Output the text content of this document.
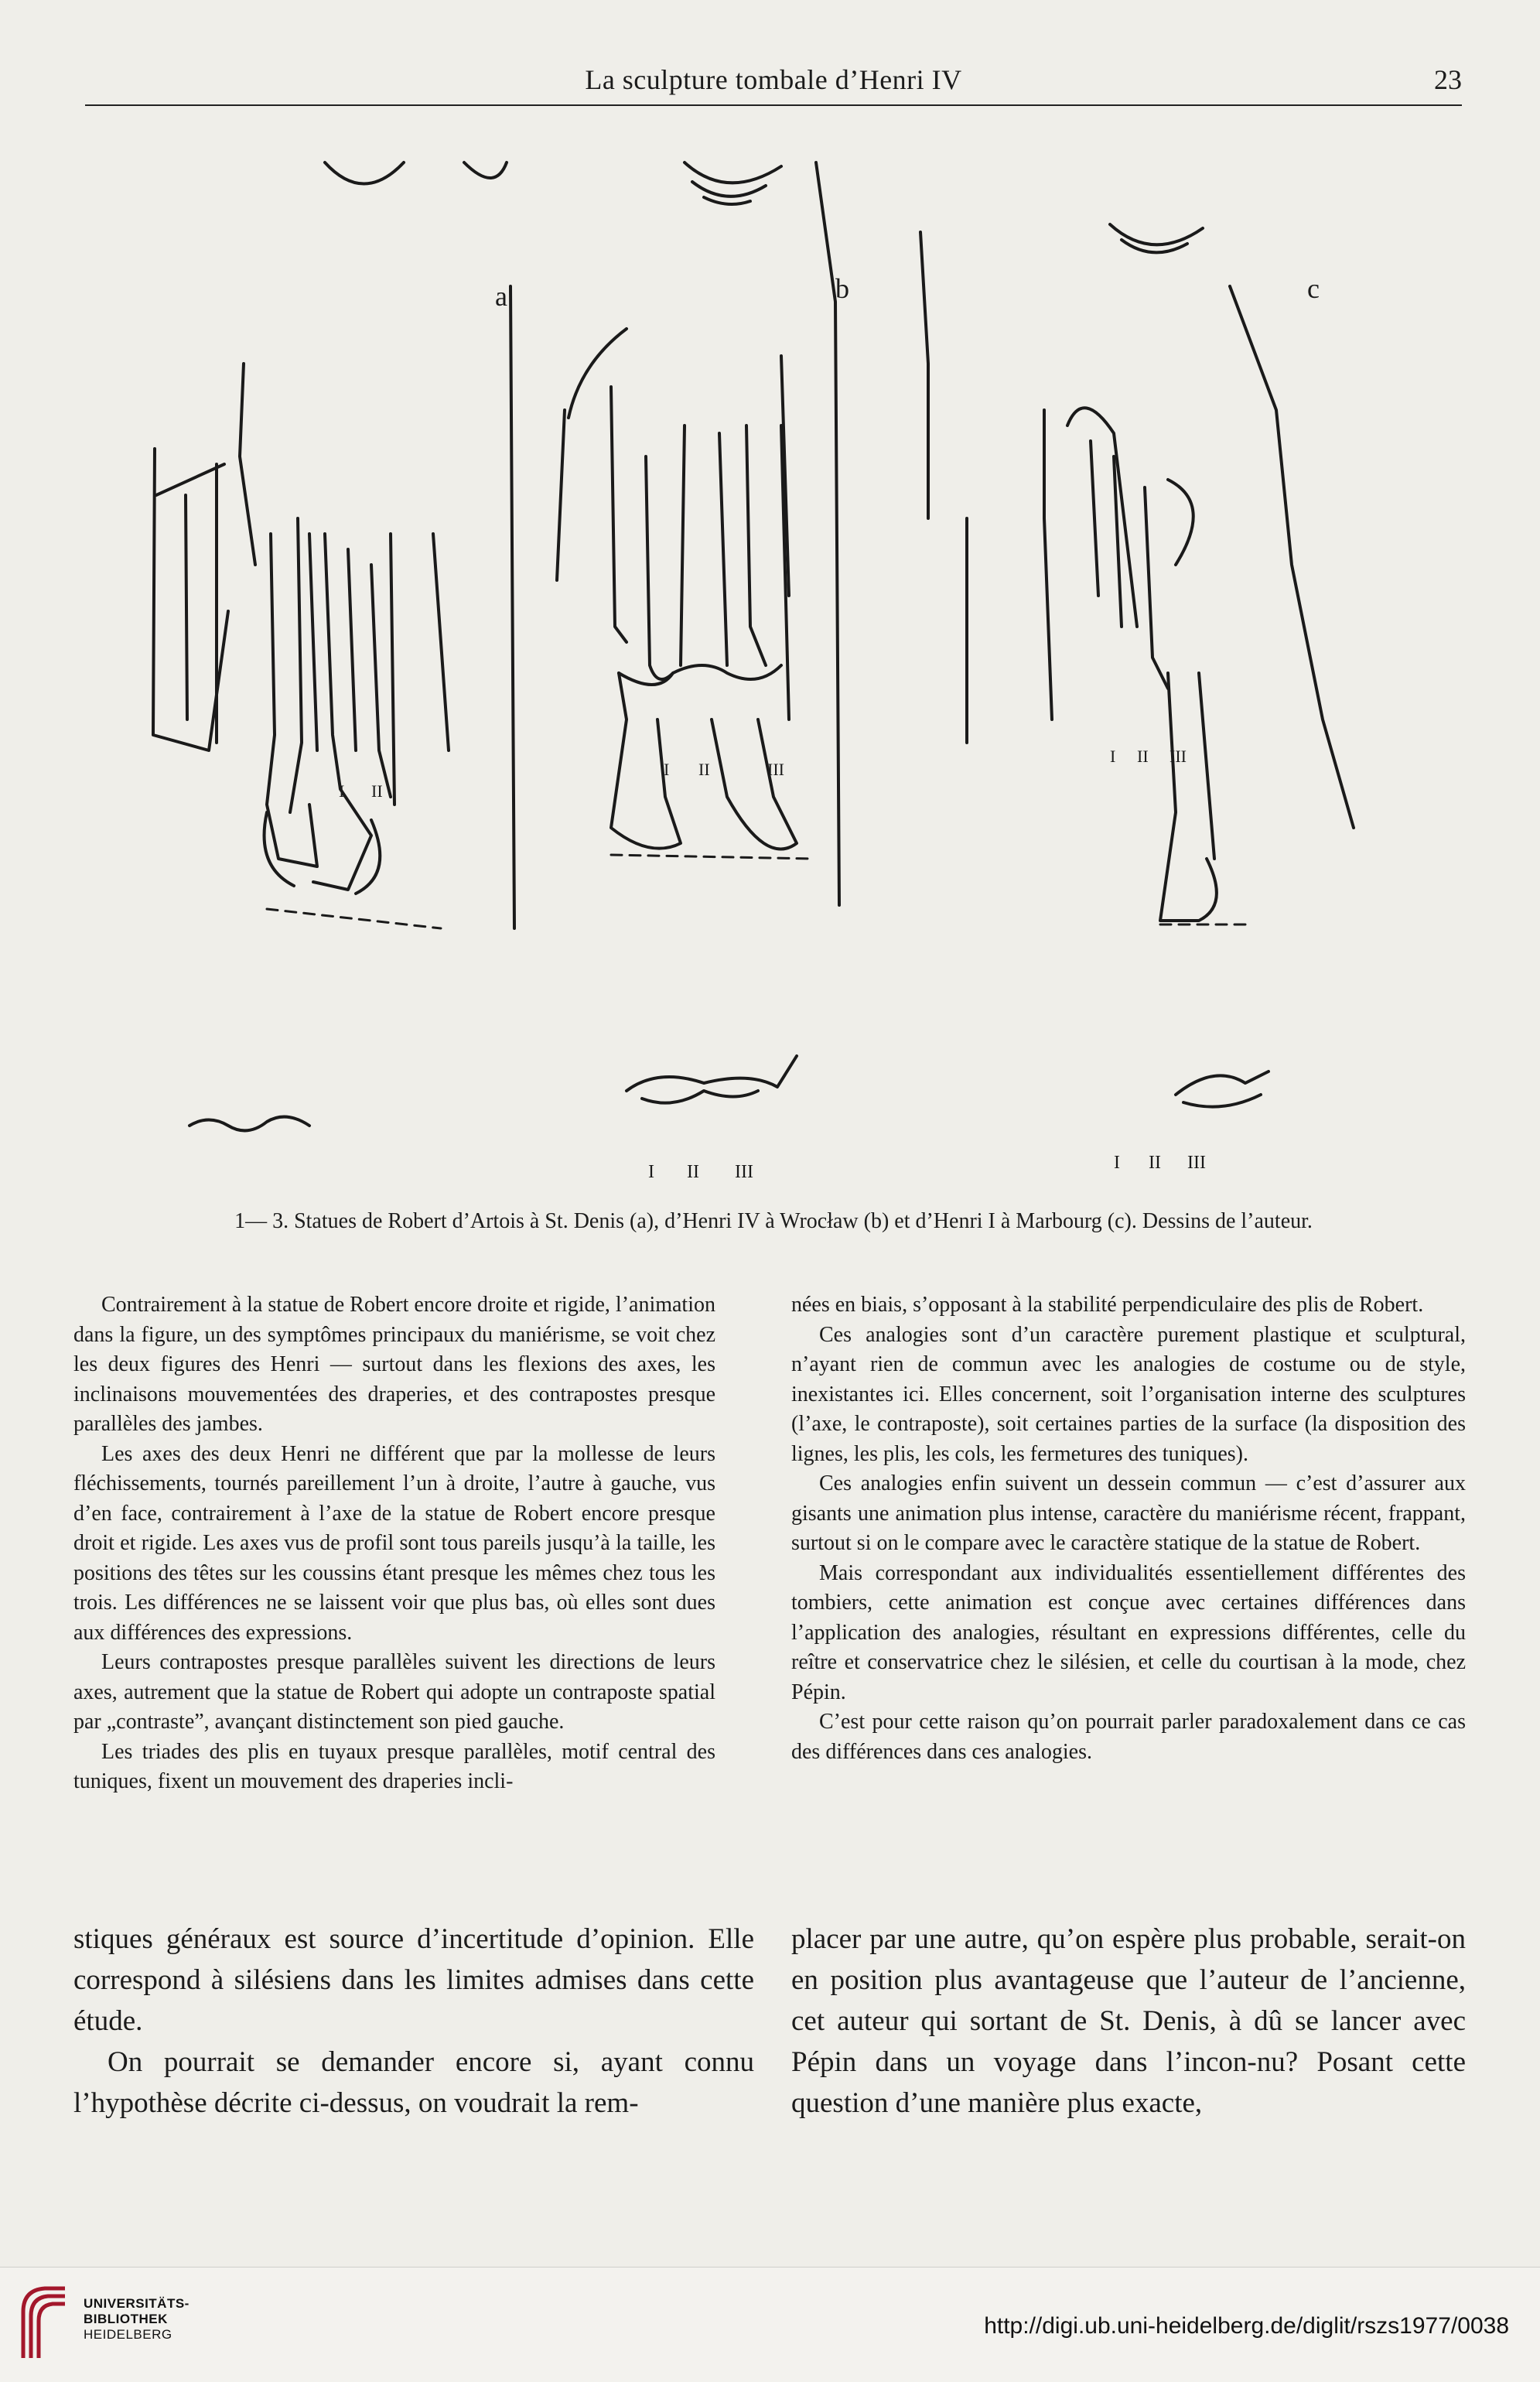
La sculpture tombale d’Henri IV	23
a
I II
b
I II	III
I II III
c
I II III
I II III
1— 3. Statues de Robert d’Artois à St. Denis (a), d’Henri IV à Wrocław (b) et d’Henri I à Marbourg (c). Dessins de l’auteur.

Contrairement à la statue de Robert encore droite et rigide, l’animation dans la figure, un des symptômes principaux du maniérisme, se voit chez les deux figures des Henri — surtout dans les flexions des axes, les inclinaisons mouvementées des draperies, et des contrapostes presque parallèles des jambes.

Les axes des deux Henri ne différent que par la mollesse de leurs fléchissements, tournés pareillement l’un à droite, l’autre à gauche, vus d’en face, contrairement à l’axe de la statue de Robert encore presque droit et rigide. Les axes vus de profil sont tous pareils jusqu’à la taille, les positions des têtes sur les coussins étant presque les mêmes chez tous les trois. Les différences ne se laissent voir que plus bas, où elles sont dues aux différences des expressions.

Leurs contrapostes presque parallèles suivent les directions de leurs axes, autrement que la statue de Robert qui adopte un contraposte spatial par „contraste”, avançant distinctement son pied gauche.

Les triades des plis en tuyaux presque parallèles, motif central des tuniques, fixent un mouvement des draperies incli-

nées en biais, s’opposant à la stabilité perpendiculaire des plis de Robert.

Ces analogies sont d’un caractère purement plastique et sculptural, n’ayant rien de commun avec les analogies de costume ou de style, inexistantes ici. Elles concernent, soit l’organisation interne des sculptures (l’axe, le contraposte), soit certaines parties de la surface (la disposition des lignes, les plis, les cols, les fermetures des tuniques).

Ces analogies enfin suivent un dessein commun — c’est d’assurer aux gisants une animation plus intense, caractère du maniérisme récent, frappant, surtout si on le compare avec le caractère statique de la statue de Robert.

Mais correspondant aux individualités essentiellement différentes des tombiers, cette animation est conçue avec certaines différences dans l’application des analogies, résultant en expressions différentes, celle du reître et conservatrice chez le silésien, et celle du courtisan à la mode, chez Pépin.

C’est pour cette raison qu’on pourrait parler paradoxalement dans ce cas des différences dans ces analogies.

stiques généraux est source d’incertitude d’opinion. Elle correspond à silésiens dans les limites admises dans cette étude.

On pourrait se demander encore si, ayant connu l’hypothèse décrite ci-dessus, on voudrait la rem-

placer par une autre, qu’on espère plus probable, serait-on en position plus avantageuse que l’auteur de l’ancienne, cet auteur qui sortant de St. Denis, à dû se lancer avec Pépin dans un voyage dans l’incon-nu? Posant cette question d’une manière plus exacte,

UNIVERSITÄTS-
BIBLIOTHEK
HEIDELBERG	http://digi.ub.uni-heidelberg.de/diglit/rszs1977/0038
